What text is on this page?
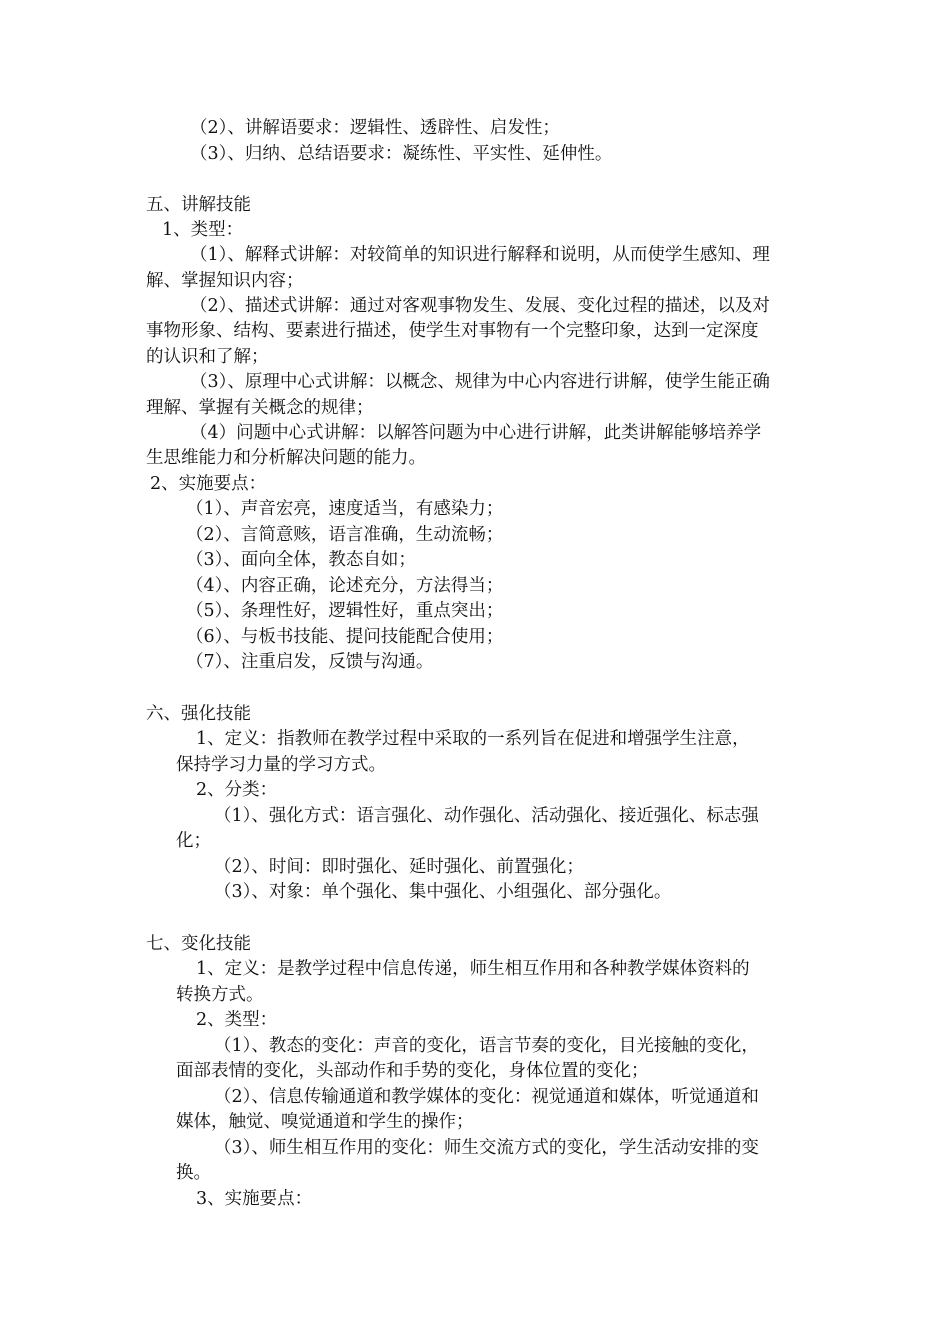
（2）、讲解语要求：逻辑性、透辟性、启发性；
（3）、归纳、总结语要求：凝练性、平实性、延伸性。
五、讲解技能
1、类型：
（1）、解释式讲解：对较简单的知识进行解释和说明，从而使学生感知、理
解、掌握知识内容；
（2）、描述式讲解：通过对客观事物发生、发展、变化过程的描述，以及对
事物形象、结构、要素进行描述，使学生对事物有一个完整印象，达到一定深度
的认识和了解；
（3）、原理中心式讲解：以概念、规律为中心内容进行讲解，使学生能正确
理解、掌握有关概念的规律；
（4）问题中心式讲解：以解答问题为中心进行讲解，此类讲解能够培养学
生思维能力和分析解决问题的能力。
2、实施要点：
（1）、声音宏亮，速度适当，有感染力；
（2）、言简意赅，语言准确，生动流畅；
（3）、面向全体，教态自如；
（4）、内容正确，论述充分，方法得当；
（5）、条理性好，逻辑性好，重点突出；
（6）、与板书技能、提问技能配合使用；
（7）、注重启发，反馈与沟通。
六、强化技能
1、定义：指教师在教学过程中采取的一系列旨在促进和增强学生注意，
保持学习力量的学习方式。
2、分类：
（1）、强化方式：语言强化、动作强化、活动强化、接近强化、标志强
化；
（2）、时间：即时强化、延时强化、前置强化；
（3）、对象：单个强化、集中强化、小组强化、部分强化。
七、变化技能
1、定义：是教学过程中信息传递，师生相互作用和各种教学媒体资料的
转换方式。
2、类型：
（1）、教态的变化：声音的变化，语言节奏的变化，目光接触的变化，
面部表情的变化，头部动作和手势的变化，身体位置的变化；
（2）、信息传输通道和教学媒体的变化：视觉通道和媒体，听觉通道和
媒体，触觉、嗅觉通道和学生的操作；
（3）、师生相互作用的变化：师生交流方式的变化，学生活动安排的变
换。
3、实施要点：
